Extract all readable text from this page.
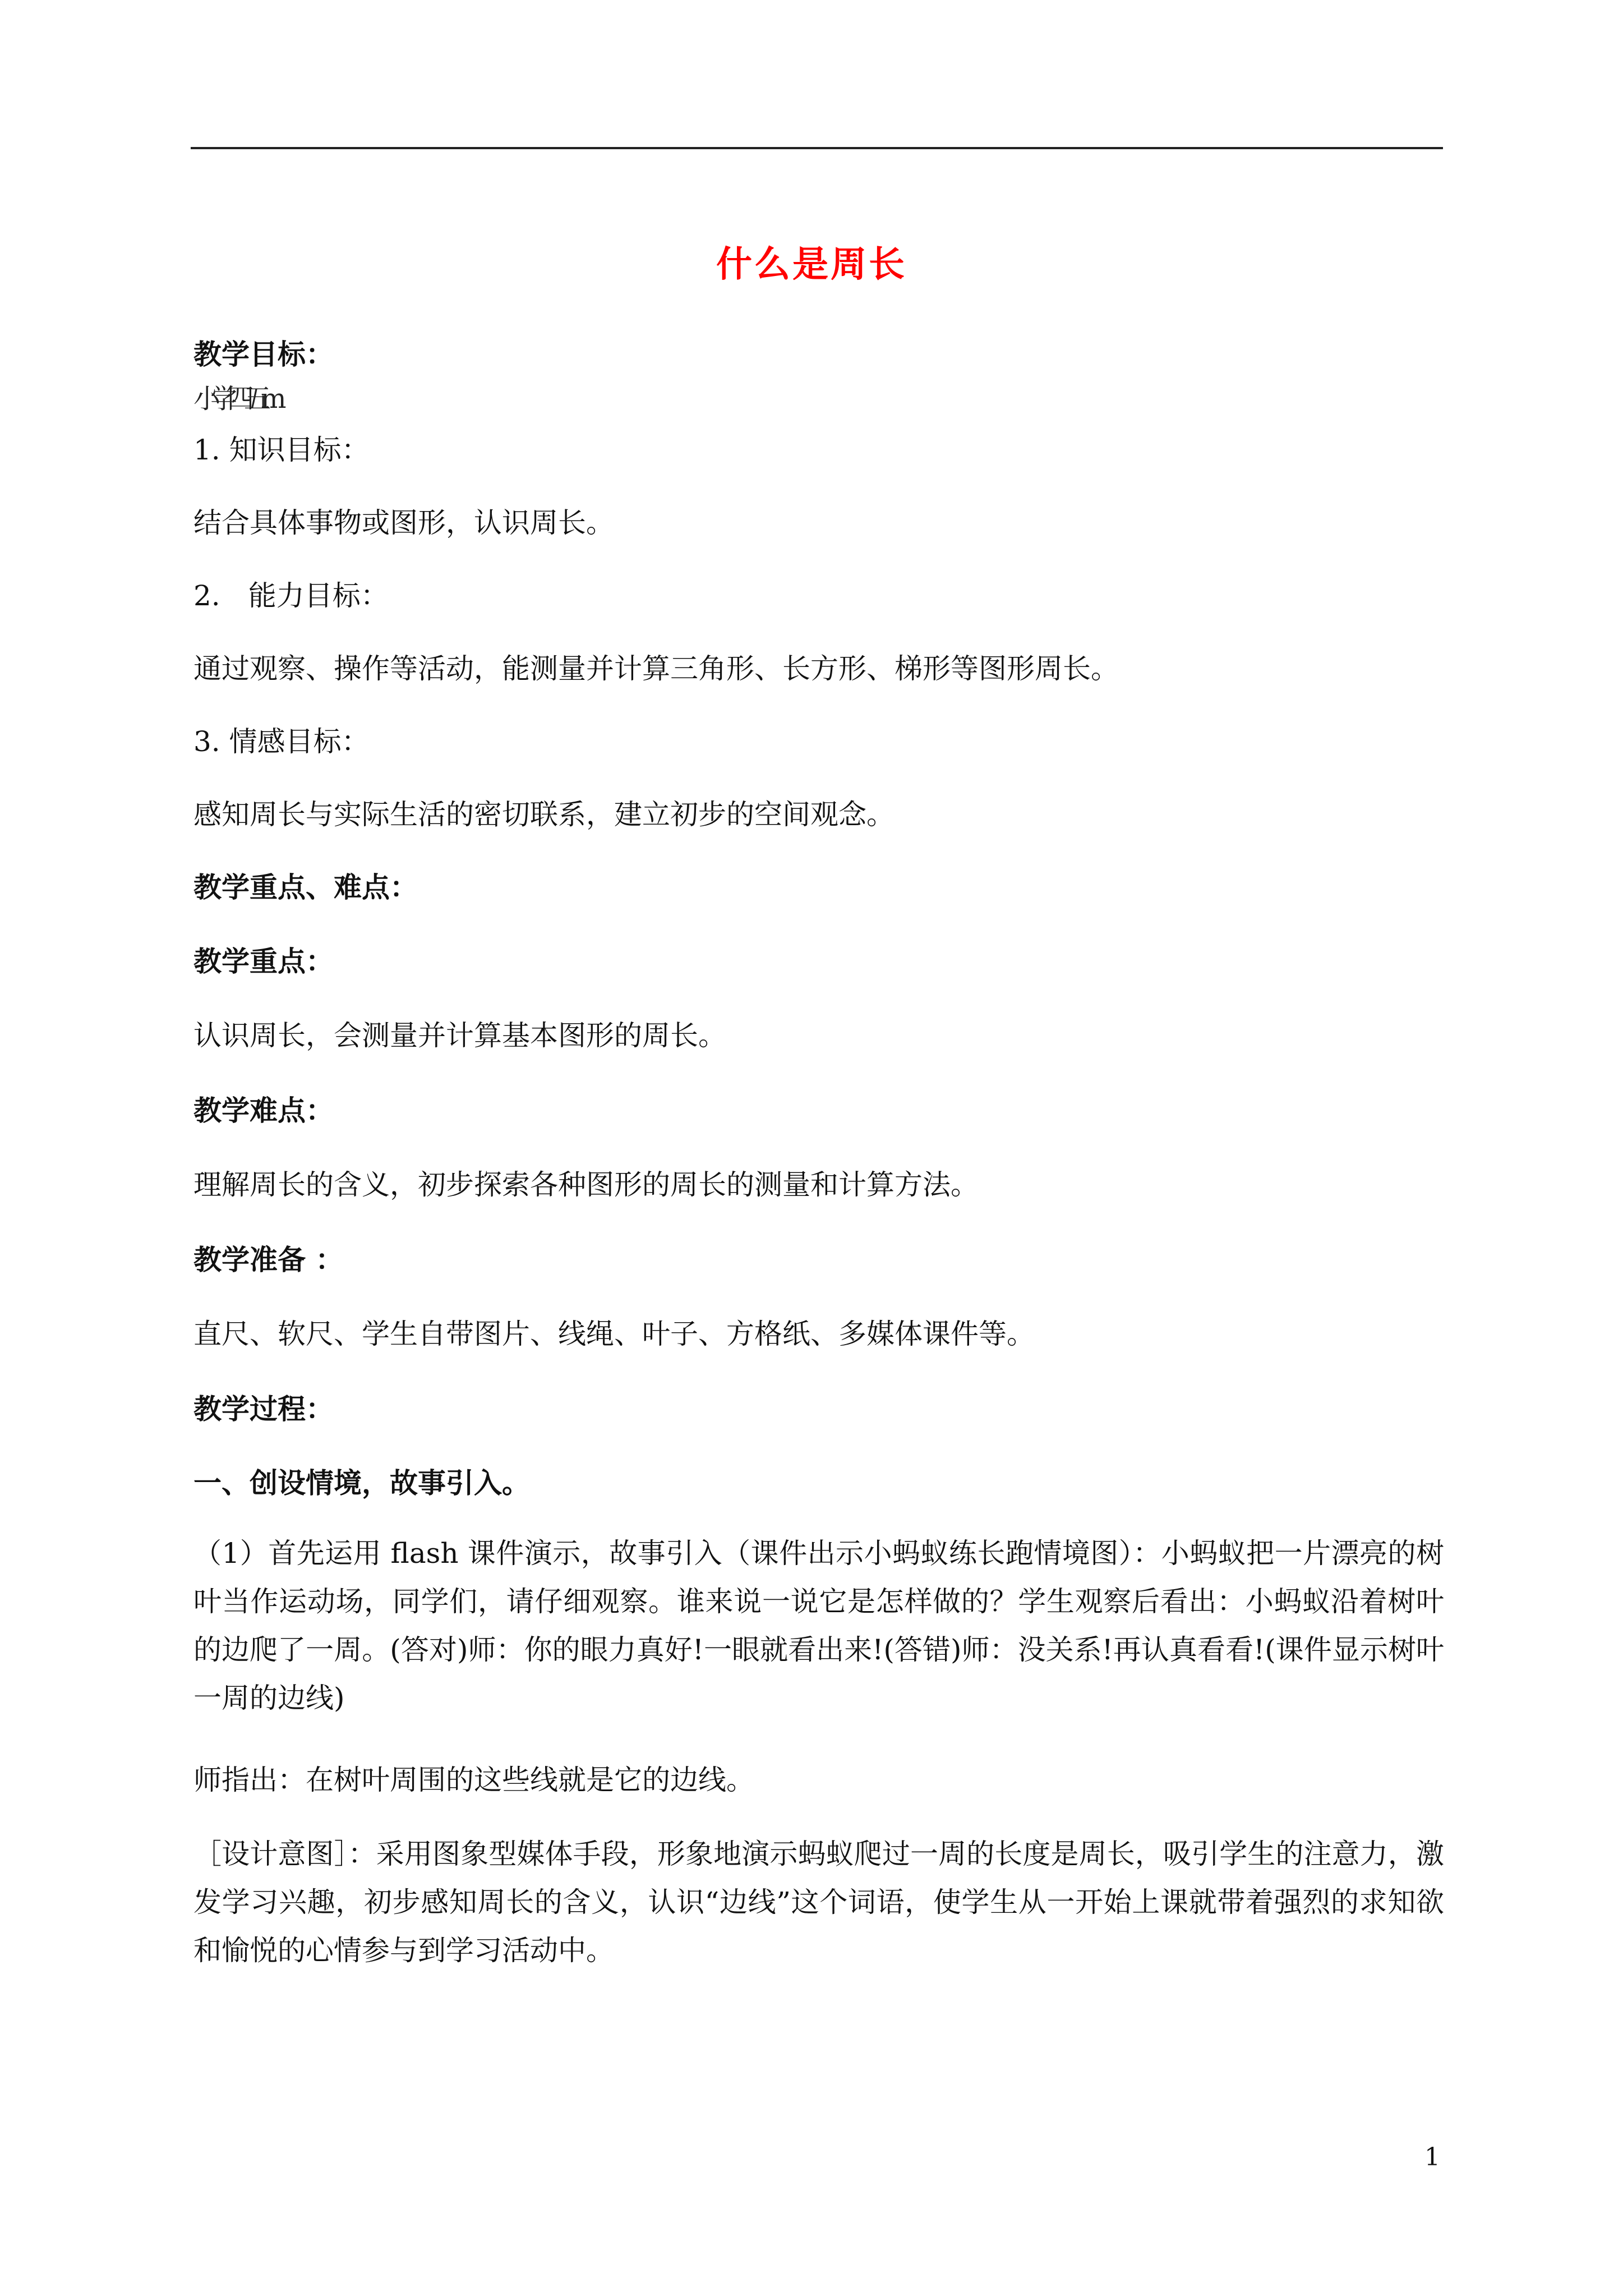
什么是周长
教学目标：
小学四五m
1. 知识目标：
结合具体事物或图形，认识周长。
2.　能力目标：
通过观察、操作等活动，能测量并计算三角形、长方形、梯形等图形周长。
3. 情感目标：
感知周长与实际生活的密切联系，建立初步的空间观念。
教学重点、难点：
教学重点：
认识周长，会测量并计算基本图形的周长。
教学难点：
理解周长的含义，初步探索各种图形的周长的测量和计算方法。
教学准备 ：
直尺、软尺、学生自带图片、线绳、叶子、方格纸、多媒体课件等。
教学过程：
一、创设情境，故事引入。
（1）首先运用 flash 课件演示，故事引入（课件出示小蚂蚁练长跑情境图）：小蚂蚁把一片漂亮的树叶当作运动场，同学们，请仔细观察。谁来说一说它是怎样做的？学生观察后看出：小蚂蚁沿着树叶的边爬了一周。(答对)师：你的眼力真好!一眼就看出来!(答错)师：没关系!再认真看看!(课件显示树叶一周的边线)
师指出：在树叶周围的这些线就是它的边线。
［设计意图］：采用图象型媒体手段，形象地演示蚂蚁爬过一周的长度是周长，吸引学生的注意力，激发学习兴趣，初步感知周长的含义，认识“边线”这个词语，使学生从一开始上课就带着强烈的求知欲和愉悦的心情参与到学习活动中。
1
